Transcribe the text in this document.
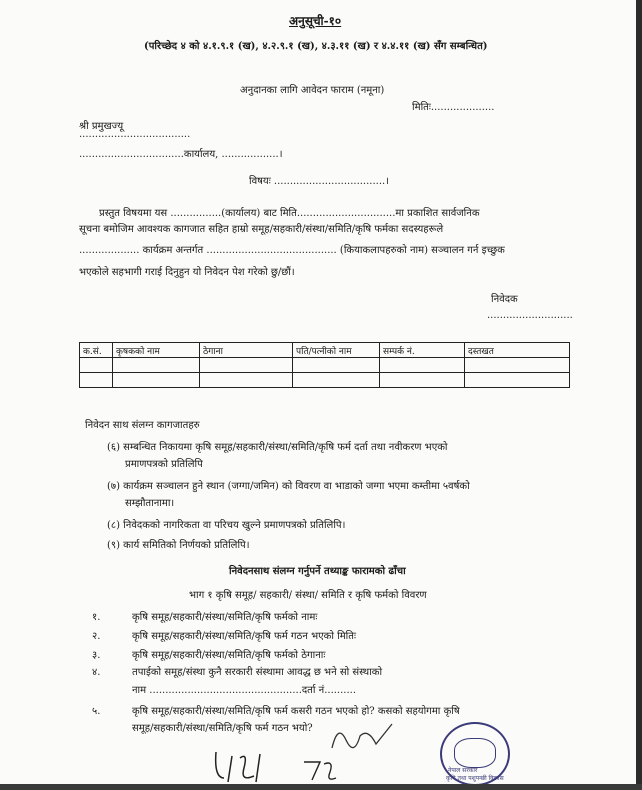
अनुसूची-१०
(परिच्छेद ४ को ४.१.९.१ (ख), ४.२.९.१ (ख), ४.३.११ (ख) र ४.४.११ (ख) सँग सम्बन्धित)
अनुदानका लागि आवेदन फाराम (नमूना)
मितिः....................
श्री प्रमुखज्यू
...................................
.................................कार्यालय, ..................।
विषयः ...................................।
प्रस्तुत विषयमा यस ................(कार्यालय) बाट मिति...............................मा प्रकाशित सार्वजनिक
सूचना बमोजिम आवश्यक कागजात सहित हाम्रो समूह/सहकारी/संस्था/समिति/कृषि फर्मका सदस्यहरूले
................... कार्यक्रम अन्तर्गत ......................................... (कियाकलापहरुको नाम) सञ्चालन गर्न इच्छुक
भएकोले सहभागी गराई दिनुहुन यो निवेदन पेश गरेको छु/छौं।
निवेदक
...........................
क.सं.	कृषकको नाम	ठेगाना	पति/पत्नीको नाम	सम्पर्क नं.	दस्तखत

निवेदन साथ संलग्न कागजातहरु
(६) सम्बन्धित निकायमा कृषि समूह/सहकारी/संस्था/समिति/कृषि फर्म दर्ता तथा नवीकरण भएको
प्रमाणपत्रको प्रतिलिपि
(७) कार्यक्रम सञ्चालन हुने स्थान (जग्गा/जमिन) को विवरण वा भाडाको जग्गा भएमा कम्तीमा ५वर्षको
सम्झौतानामा।
(८) निवेदकको नागरिकता वा परिचय खुल्ने प्रमाणपत्रको प्रतिलिपि।
(९) कार्य समितिको निर्णयको प्रतिलिपि।
निवेदनसाथ संलग्न गर्नुपर्ने तथ्याङ्क फारामको ढाँचा
भाग १ कृषि समूह/ सहकारी/ संस्था/ समिति र कृषि फर्मको विवरण
१.	कृषि समूह/सहकारी/संस्था/समिति/कृषि फर्मको नामः
२.	कृषि समूह/सहकारी/संस्था/समिति/कृषि फर्म गठन भएको मितिः
३.	कृषि समूह/सहकारी/संस्था/समिति/कृषि फर्मको ठेगानाः
४.	तपाईको समूह/संस्था कुनै सरकारी संस्थामा आवद्ध छ भने सो संस्थाको
नाम ................................................दर्ता नं..........
५.	कृषि समूह/सहकारी/संस्था/समिति/कृषि फर्म कसरी गठन भएको हो? कसको सहयोगमा कृषि
समूह/सहकारी/संस्था/समिति/कृषि फर्म गठन भयो?
नेपाल सरकार
कृषि तथा पशुपन्छी विकास
